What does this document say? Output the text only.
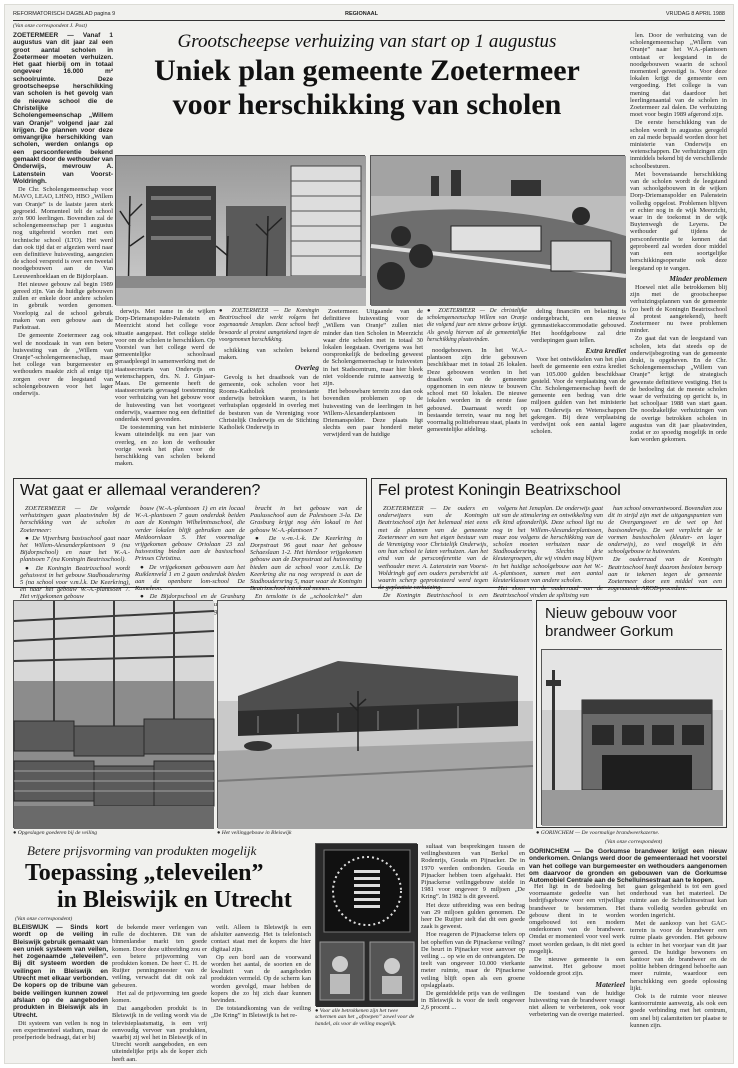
REFORMATORISCH DAGBLAD pagina 9	REGIONAAL	VRIJDAG 8 APRIL 1988
(Van onze correspondent J. Post)
Grootscheepse verhuizing van start op 1 augustus
Uniek plan gemeente Zoetermeer
voor herschikking van scholen

ZOETERMEER — Vanaf 1 augustus van dit jaar zal een groot aantal scholen in Zoetermeer moeten verhuizen. Het gaat hierbij om in totaal ongeveer 16.000 m² schoolruimte. Deze grootscheepse herschikking van scholen is het gevolg van de nieuwe school die de Christelijke Scholengemeenschap „Willem van Oranje” volgend jaar zal krijgen. De plannen voor deze omvangrijke herschikking van scholen, werden onlangs op een persconferentie bekend gemaakt door de wethouder van Onderwijs, mevrouw A. Latenstein van Voorst-Woldringh.

De Chr. Scholengemeenschap voor MAVO, LEAO, LHNO, HBO „Willem van Oranje” is de laatste jaren sterk gegroeid. Momenteel telt de school zo'n 900 leerlingen. Bovendien zal de scholengemeenschap per 1 augustus nog uitgebreid worden met een technische school (LTO). Het werd dan ook tijd dat er afgezien werd naar een definitieve huisvesting, aangezien de school verspreid is over een tweetal noodgebouwen aan de Van Leeuwenhoeklaan en de Bijdorplaan.

Het nieuwe gebouw zal begin 1989 gereed zijn. Van de huidige gebouwen zullen er enkele door andere scholen in gebruik worden genomen. Voorlopig zal de school gebruik maken van een gebouw aan de Parkstraat.

De gemeente Zoetermeer zag ook wel de noodzaak in van een betere huisvesting van de „Willem van Oranje”-scholengemeenschap, maar het college van burgemeester en wethouders maakte zich al enige tijd zorgen over de leegstand van scholengebouwen voor het lager onderwijs.

derwijs. Met name in de wijken Dorp-Driemanspolder-Palenstein en Meerzicht stond het college voor situatie aangepast. Het college stelde voor om de scholen te herschikken. Op Voorstel van het college werd de gemeentelijke schoolraad geraadpleegd in samenwerking met de staatssecretaris van Onderwijs en wetenschappen, drs. N. J. Ginjaar-Maas. De gemeente heeft de staatssecretaris gevraagd toestemming voor verhuizing van het gebouw voor de huisvesting van het voortgezet onderwijs, waarmee nog een definitief onderdak werd gevonden.

De toestemming van het ministerie kwam uiteindelijk nu een jaar van overleg, en zo kon de wethouder vorige week het plan voor de herschikking van scholen bekend maken.

● ZOETERMEER — De Komingin Beatrixschool die werkt volgens het zogenaamde Jenaplan. Deze school heeft bewaarde al protest aangetekend tegen de voorgenomen herschikking.

schikking van scholen bekend maken.

Overleg

Gevolg is het draaiboek van de gemeente, ook scholen voor het Rooms-Katholiek protestante onderwijs betrokken waren, is het verhuisplan opgesteld in overleg met de besturen van de Vereniging voor Christelijk Onderwijs en de Stichting Katholiek Onderwijs in

Zoetermeer. Uitgaande van de definitieve huisvesting voor de „Willem van Oranje” zullen niet minder dan tien Scholen in Meerzicht waar drie scholen met in totaal 30 lokalen leegstaan. Overigens was het oorspronkelijk de bedoeling geweest de Scholengemeenschap te huisvesten in het Stadscentrum, maar hier bleek niet voldoende ruimte aanwezig te zijn.

Het bebouwbare terrein zou dan ook bovendien problemen op de huisvesting van de leerlingen in het Willem-Alexanderplantsoen in Driemanspolder. Deze plaats ligt slechts een paar honderd meter verwijderd van de huidige

● ZOETERMEER — De christelijke scholengemeenschap Willem van Oranje die volgend jaar een nieuw gebouw krijgt. Als gevolg hiervan zal de gemeentelijke herschikking plaatsvinden.

noodgebouwen. In het W.A.-plantsoen zijn drie gebouwen beschikbaar met in totaal 26 lokalen. Deze gebouwen worden in het draaiboek van de gemeente opgenomen in een nieuw te bouwen school met 60 lokalen. De nieuwe lokalen worden in de eerste fase gebouwd. Daarnaast wordt op bestaande terrein, waar nu nog het voormalig politiebureau staat, plaats in gemeentelijke afdeling.

deling financiën en belasting is ondergebracht, een nieuwe gymnastiekaccommodatie gebouwd. Het hoofdgebouw zal drie verdiepingen gaan tellen.

Extra krediet

Voor het ontwikkelen van het plan heeft de gemeente een extra krediet van 105.000 gulden beschikbaar gesteld. Voor de verplaatsing van de Chr. Scholengemeenschap heeft de gemeente een bedrag van drie miljoen gulden van het ministerie van Onderwijs en Wetenschappen gekregen. Bij deze verplaatsing verdwijnt ook een aantal lagere scholen.

len. Door de verhuizing van de scholengemeenschap „Willem van Oranje” naar het W.A.-plantsoen ontstaat er leegstand in de noodgebouwen waarin de school momenteel gevestigd is. Voor deze lokalen krijgt de gemeente een vergoeding. Het college is van mening dat daardoor het leerlingenaantal van de scholen in Zoetermeer zal dalen. De verhuizing moet voor begin 1989 afgerond zijn.

De eerste herschikking van de scholen wordt in augustus geregeld en zal mede bepaald worden door het ministerie van Onderwijs en wetenschappen. De verhuizingen zijn inmiddels bekend bij de verschillende schoolbesturen.

Met bovenstaande herschikking van de scholen wordt de leegstand van schoolgebouwen in de wijken Dorp-Driemanspolder en Palenstein volledig opgelost. Problemen blijven er echter nog in de wijk Meerzicht, waar in de toekomst in de wijk Buytenwegh de Leyens. De wethouder gaf tijdens de persconferentie te kennen dat geprobeerd zal worden door middel van een soortgelijke herschikkingsoperatie ook deze leegstand op te vangen.

Minder problemen

Hoewel niet alle betrokkenen blij zijn met de grootscheepse verhuizingsplannen van de gemeente (zo heeft de Koningin Beatrixschool al protest aangetekend), heeft Zoetermeer nu twee problemen minder.

Zo gaat dat van de leegstand van scholen, iets dat steeds op de onderwijsbegroting van de gemeente drukt, is opgeheven. En de Chr. Scholengemeenschap „Willem van Oranje” krijgt de strategisch gewenste definitieve vestiging. Het is de bedoeling dat de meeste scholen waar de verhuizing op gericht is, in het schooljaar 1988 van start gaan. De noodzakelijke verhuizingen van de overige betrokken scholen in augustus van dit jaar plaatsvinden, zodat er zo spoedig mogelijk in orde kan worden gekomen.

Wat gaat er allemaal veranderen?

ZOETERMEER — De volgende verhuizingen gaan plaatsvinden bij de herschikking van de scholen in Zoetermeer:

● De Vijverburg basisschool gaat naar het Willem-Alexanderplantsoen 9 (na Bijdorpschool) en naar het W.-A.-plantsoen 7 (na Koningin Beatrixschool).

● De Koningin Beatrixschool wordt gehuisvest in het gebouw Stadhoudersring 5 (na school voor v.m.l.k. De Keerkring), en naar het gebouw W.-A.-plantsoen 7. Het vrijgekomen gebouw

bouw (W.-A.-plantsoen 1) en ein locaal W.-A.-plantsoen 7 gaan onderdak beiden aan de Koningin Wilhelminaschool, die verder lokalen blijft gebruiken aan de Meidoornlaan 5. Het voormalige vrijgekomen gebouw Oriolaan 23 zal huisvesting bieden aan de basisschool Prinses Christina.

● De vrijgekomen gebouwen aan het Ruiklemveld 1 en 2 gaan onderdak bieden aan de openbare lom-school De Kameleon.

● De Bijdorpschool en de Grasburg

bracht in het gebouw van de Paulusschool aan de Palestsoen 3-la. De Grasburg krijgt nog één lokaal in het gebouw W.-A.-plantsoen 7

● De v.-m.-l.-k. De Keerkring in Dorpstraat 96 gaat naar het gebouw Schaeslaan 1-2. Het hierdoor vrijgekomen gebouw aan de Dorpsstraat zal huisvesting bieden aan de school voor z.m.l.k. De Keerkring die nu nog verspreid is aan de Stadhoudersring 5, maar waar de Koningin Beatrixschool intrek zal nemen.

En tenslotte is de „schoolcirkel” dan

Fel protest Koningin Beatrixschool

ZOETERMEER — De ouders en onderwijzers van de Koningin Beatrixschool zijn het helemaal niet eens met de plannen van de gemeente Zoetermeer en van het eigen bestuur van de Vereniging voor Christelijk Onderwijs, om hun school te laten verhuizen. Aan het eind van de persconferentie van de wethouder mevr. A. Latenstein van Voorst-Woldringh gaf een ouders persbericht uit waarin scherp geprotesteerd werd tegen de geplaatste verhuizing.

De Koningin Beatrixschool is een

volgens het Jenaplan. De onderwijs gaat uit van de stimulering en ontwikkeling van elk kind afzonderlijk. Deze school ligt nu nog in het Willem-Alexanderplantsoen, maar zou volgens de herschikking van de scholen moeten verhuizen naar de Stadhoudersring. Slechts drie kleutergroepen, die wij vinden mag blijven in het huidige schoolgebouw aan het W.-A.-plantsoen, samen met een aantal kleuterklassen van andere scholen.

Het sloen en de ouderraad van de Beatrixschool vinden de splitsing van

hun school onverantwoord. Bovendien zou dit in strijd zijn met de uitgangspunten van de Overgangswet en de wet op het basisonderwijs. De wet verplicht de te vormen basisscholen (kleuter- en lager onderwijs), zo veel mogelijk in één schoolgebouw te huisvesten.

De ouderraad van de Koningin Beatrixschool heeft daarom besloten beroep aan te tekenen tegen de gemeente Zoetermeer door een middel van een zogenaamde AROB-procedure.

● Opgeslagen goederen bij de veiling	● Het veilinggebouw in Bleiswijk
Nieuw gebouw voor
brandweer Gorkum
● GORINCHEM — De voormalige brandweerkazerne.
(Van onze correspondent)
Betere prijsvorming van produkten mogelijk
Toepassing „televeilen”
in Bleiswijk en Utrecht
(Van onze correspondent)

BLEISWIJK — Sinds kort wordt op de veiling in Bleiswijk gebruik gemaakt van een uniek systeem van veilen, het zogenaamde „televeilen”. Bij dit systeem worden de veilingen in Bleiswijk en Utrecht met elkaar verbonden. De kopers op de tribune van beide veilingen kunnen zowel afslaan op de aangeboden produkten in Bleiswijk als in Utrecht.

Dit systeem van veilen is nog in een experimenteel stadium, maar de proefperiode bedraagt, dat er bij

de bekende meer verlengen van rulle de dochteren. Dit van de binnenlandse markt ten goede komen. Door deze uitbreiding zou er een betere prijsvorming van produkten komen. De heer C. H. de Ruijter penningmeester van de veiling, verwacht dat dit ook zal gebeuren.

Het zal de prijsvorming ten goede komen.

Dat aangeboden produkt is in Bleiswijk in de veiling wordt via de televisieplaatsmatig, is een vrij eenvoudig vervoer van produkten, waarbij zij wel het in Bleiswijk of in Utrecht wordt aangeboden, en een uiteindelijke prijs als de koper zich heeft aan.

veilt. Alleen is Bleiswijk is een afsluiter aanwezig. Het is telefonisch contact staat met de kopers die hier digitaal zijn.

Op een bord aan de voorwand worden het aantal, de soorten en de kwaliteit van de aangeboden produkten vermeld. Op de scherm kan worden gevolgd, maar hebben de kopers die zo hij zich daar kunnen bevinden.

De totstandkoming van de veiling „De Kring” in Bleiswijk is het re-

● Voor alle betrokkenen zijn het twee schermen aan het „afroepen” zowel voor de handel, als voor de veiling mogelijk.

sultaat van besprekingen tussen de veilingbesturen van Berkel en Rodenrijs, Gouda en Pijnacker. De in 1970 werden ontbonden. Gouda en Pijnacker hebben toen afgehaakt. Het Pijnackerse veilinggebouw stelde in 1981 voor ongeveer 9 miljoen „De Kring”. In 1982 is dit geveerd.

Het deze uitbreiding was een bedrag van 29 miljoen gulden genomen. De heer De Ruijter stelt dat dit een goede zaak is geweest.

Hoe reageren de Pijnackerse telers op het opheffen van de Pijnackerse veiling? De beurt in Pijnacker voor aanvoer op veiling ... op wie en de ontvangsten. De teelt van ongeveer 10.000 vierkante meter ruimte, maar de Pijnackerse veiling blijft open als een groene opslagplaats.

De gemiddelde prijs van de veilingen in Bleiswijk is voor de teelt ongeveer 2,6 procent ...

GORINCHEM — De Gorkumse brandweer krijgt een nieuw onderkomen. Onlangs werd door de gemeenteraad het voorstel van het college van burgemeester en wethouders aangenomen om daarvoor de gronden en gebouwen van de Gorkumse Automobiel Centrale aan de Schelluinsestraat aan te kopen.

Het ligt in de bedoeling het voornaamste gedeelte van het bedrijfsgebouw voor een vrijwillige brandweer te bestemmen. Het gebouw dient in te worden omgebouwd tot een modern onderkomen van de brandweer. Omdat er momenteel voor veel werk moet worden gedaan, is dit niet goed mogelijk.

De nieuwe gemeente is een aanwinst. Het gebouw moet voldoende groot zijn.

Materieel

De toestand van de huidige huisvesting van de brandweer vraagt niet alleen te verbeteren, ook voor verbetering van de overige materieel.

gaan gelegenheid is tot een goed onderhoud van het materieel. De ruimte aan de Schelluinsestraat kan thans volledig worden gebruikt en worden ingericht.

Met de aankoop van het GAC-terrein is voor de brandweer een ruime plaats gevonden. Het gebouw is echter in het voorjaar van dit jaar gereed. De huidige bewoners en kantoor van de brandweer en de politie hebben dringend behoefte aan meer ruimte, waardoor een herschikking een goede oplossing lijkt.

Ook is de ruimte voor nieuwe kantoorruimte aanwezig, als ook een goede verbinding met het centrum, om snel bij calamiteiten ter plaatse te kunnen zijn.
